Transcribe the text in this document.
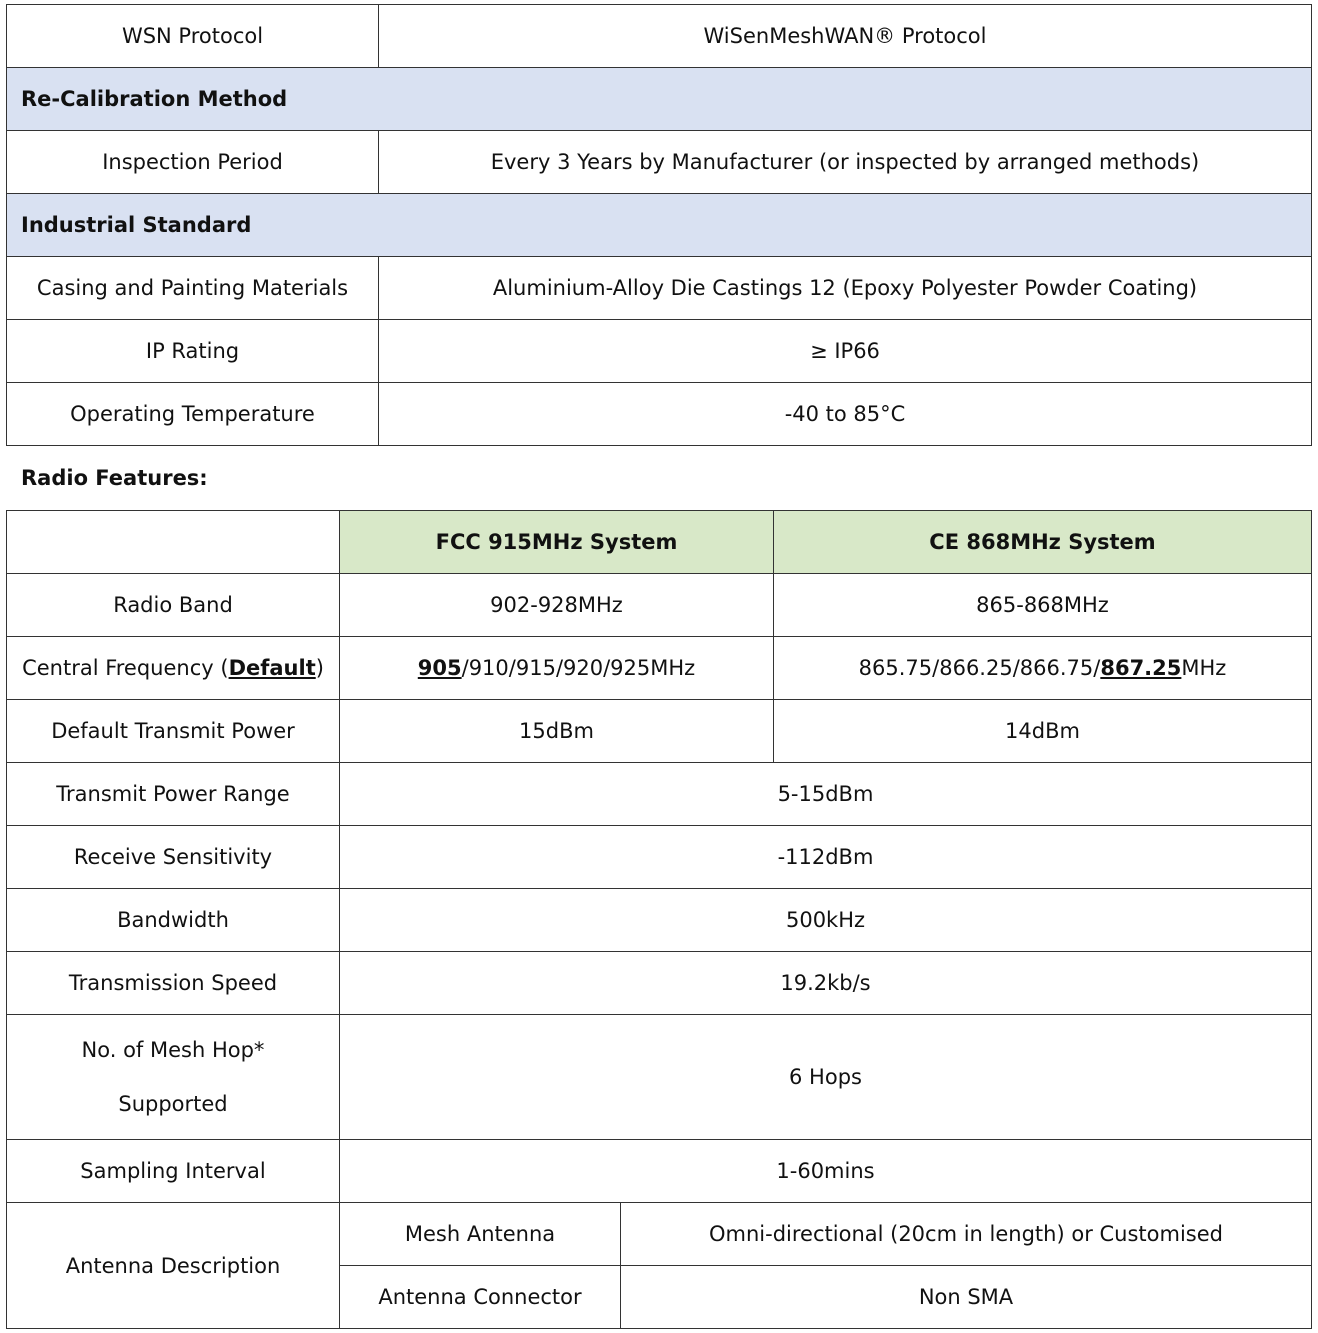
WSN Protocol	WiSenMeshWAN® Protocol
Re-Calibration Method	
Inspection Period	Every 3 Years by Manufacturer (or inspected by arranged methods)
Industrial Standard	
Casing and Painting Materials	Aluminium-Alloy Die Castings 12 (Epoxy Polyester Powder Coating)
IP Rating	≥ IP66
Operating Temperature	-40 to 85°C
Radio Features:
	FCC 915MHz System		CE 868MHz System
Radio Band	902-928MHz		865-868MHz
Central Frequency (Default)	905/910/915/920/925MHz		865.75/866.25/866.75/867.25MHz
Default Transmit Power	15dBm		14dBm
Transmit Power Range	5-15dBm		
Receive Sensitivity	-112dBm		
Bandwidth	500kHz		
Transmission Speed	19.2kb/s		
No. of Mesh Hop*
Supported	6 Hops		
Sampling Interval	1-60mins		
Antenna Description	Mesh Antenna	Omni-directional (20cm in length) or Customised	
	Antenna Connector	Non SMA	
